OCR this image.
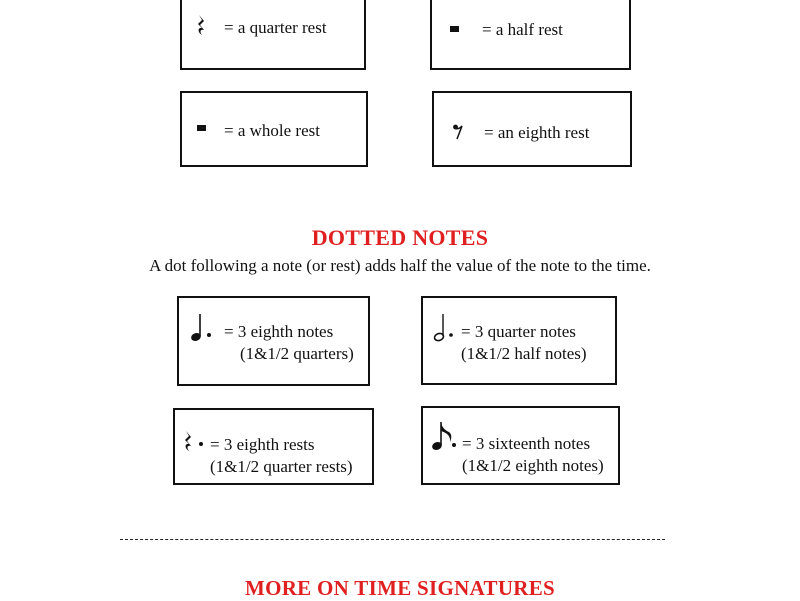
= a quarter rest	= a half rest
= a whole rest	= an eighth rest
DOTTED NOTES
A dot following a note (or rest) adds half the value of the note to the time.
= 3 eighth notes
(1&1/2 quarters)
= 3 quarter notes
(1&1/2 half notes)
= 3 eighth rests
(1&1/2 quarter rests)
= 3 sixteenth notes
(1&1/2 eighth notes)
MORE ON TIME SIGNATURES
